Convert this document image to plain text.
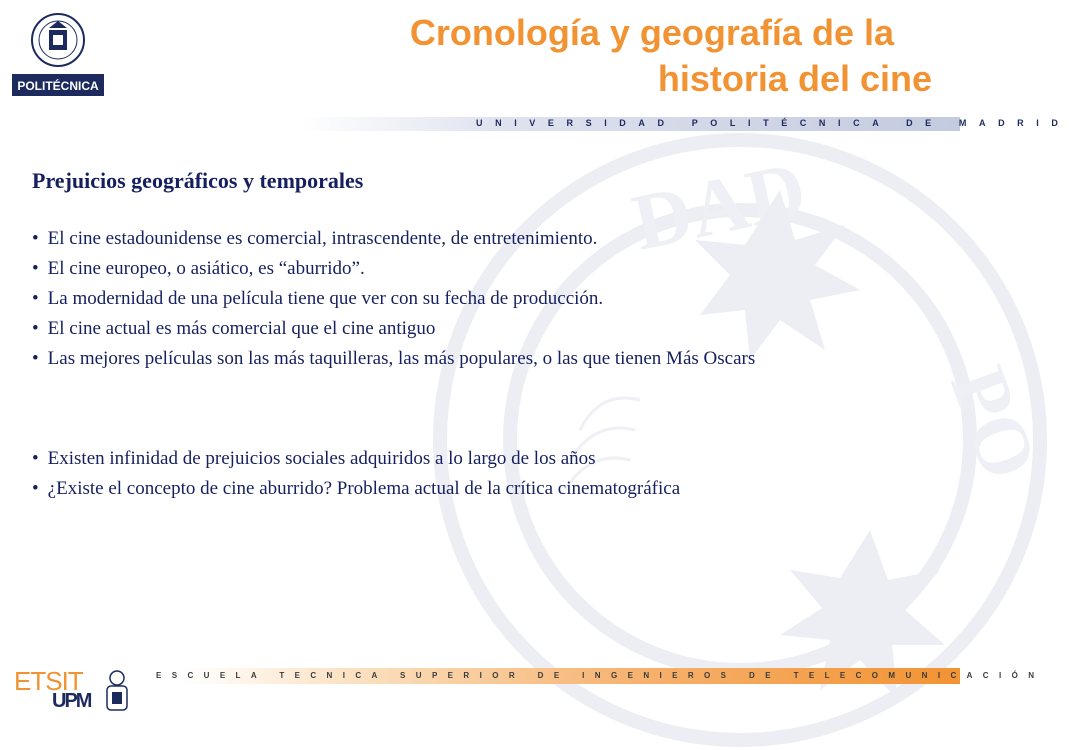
DAD
PO
POLITÉCNICA
Cronología y geografía de la
historia del cine
UNIVERSIDAD POLITÉCNICA DE MADRID
Prejuicios geográficos y temporales
• El cine estadounidense es comercial, intrascendente, de entretenimiento.
• El cine europeo, o asiático, es “aburrido”.
• La modernidad de una película tiene que ver con su fecha de producción.
• El cine actual es más comercial que el cine antiguo
• Las mejores películas son las más taquilleras, las más populares, o las que tienen Más Oscars
• Existen infinidad de prejuicios sociales adquiridos a lo largo de los años
• ¿Existe el concepto de cine aburrido? Problema actual de la crítica cinematográfica
ESCUELA TECNICA SUPERIOR DE INGENIEROS DE TELECOMUNICACIÓN
ETSIT
UPM
